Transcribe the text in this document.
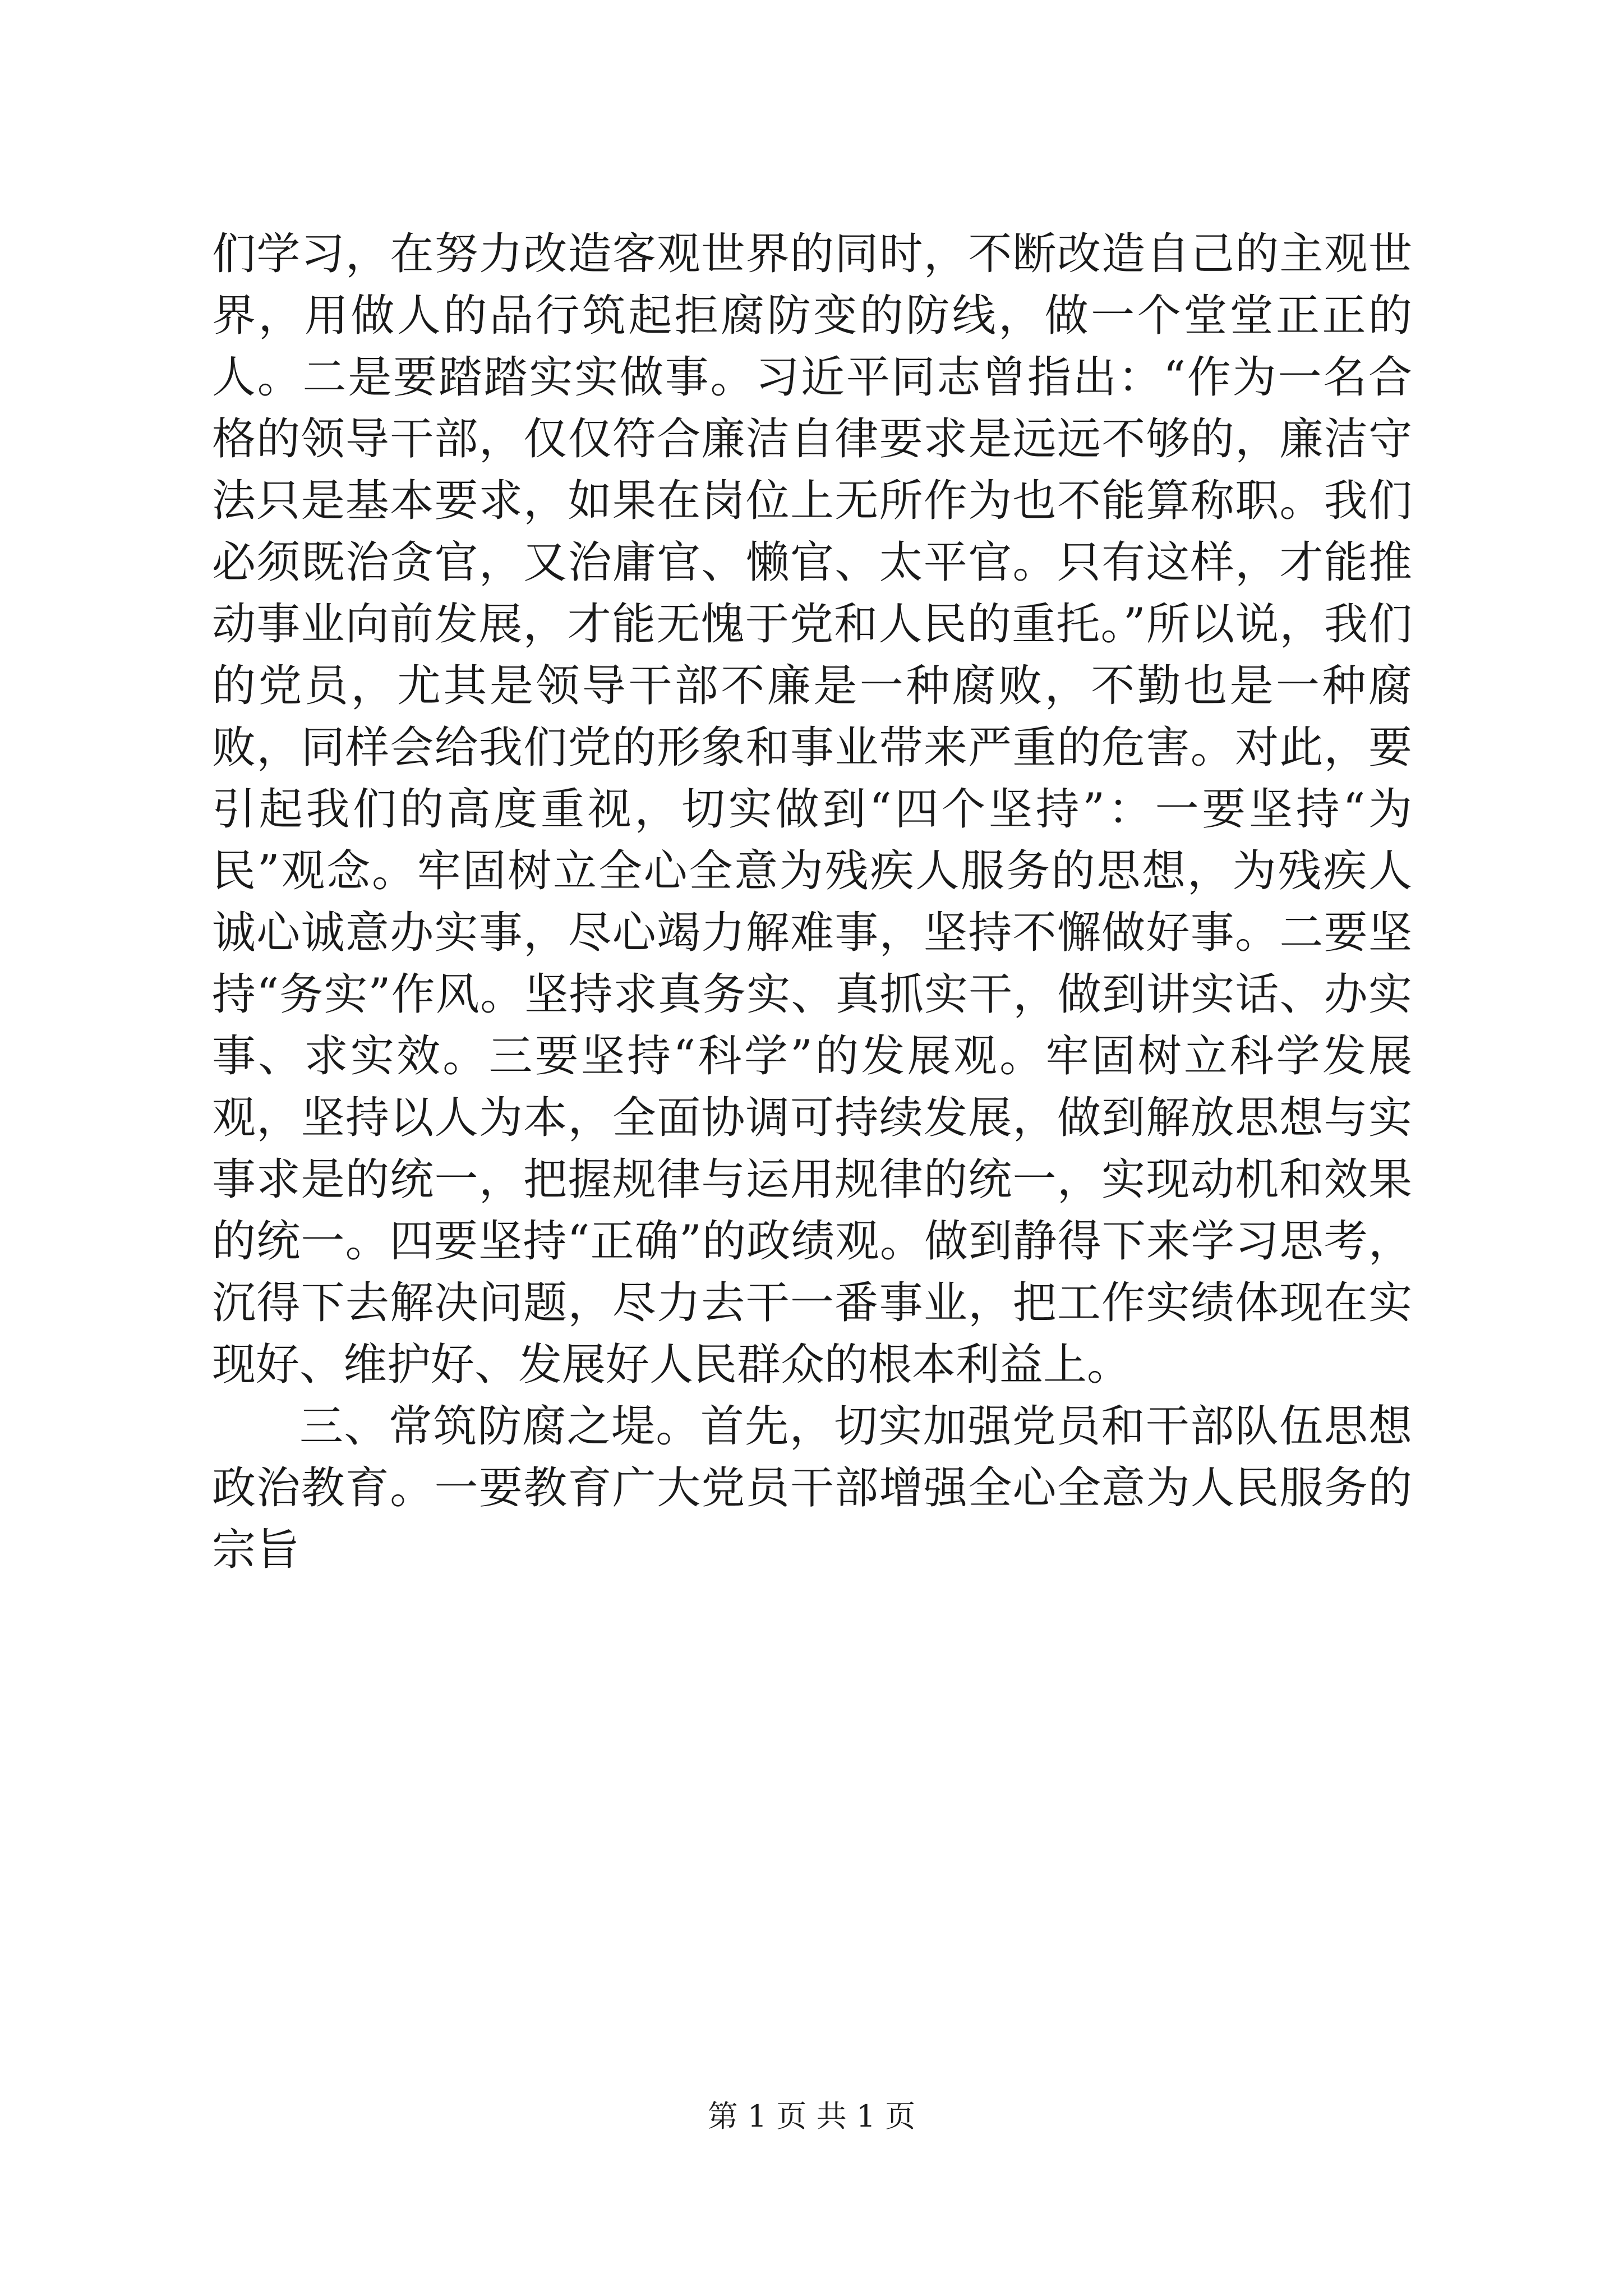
们学习，在努力改造客观世界的同时，不断改造自己的主观世界，用做人的品行筑起拒腐防变的防线，做一个堂堂正正的人。二是要踏踏实实做事。习近平同志曾指出：“作为一名合格的领导干部，仅仅符合廉洁自律要求是远远不够的，廉洁守法只是基本要求，如果在岗位上无所作为也不能算称职。我们必须既治贪官，又治庸官、懒官、太平官。只有这样，才能推动事业向前发展，才能无愧于党和人民的重托。”所以说，我们的党员，尤其是领导干部不廉是一种腐败，不勤也是一种腐败，同样会给我们党的形象和事业带来严重的危害。对此，要引起我们的高度重视，切实做到“四个坚持”：一要坚持“为民”观念。牢固树立全心全意为残疾人服务的思想，为残疾人诚心诚意办实事，尽心竭力解难事，坚持不懈做好事。二要坚持“务实”作风。坚持求真务实、真抓实干，做到讲实话、办实事、求实效。三要坚持“科学”的发展观。牢固树立科学发展观，坚持以人为本，全面协调可持续发展，做到解放思想与实事求是的统一，把握规律与运用规律的统一，实现动机和效果的统一。四要坚持“正确”的政绩观。做到静得下来学习思考，沉得下去解决问题，尽力去干一番事业，把工作实绩体现在实现好、维护好、发展好人民群众的根本利益上。

三、常筑防腐之堤。首先，切实加强党员和干部队伍思想政治教育。一要教育广大党员干部增强全心全意为人民服务的宗旨

第 1 页 共 1 页
